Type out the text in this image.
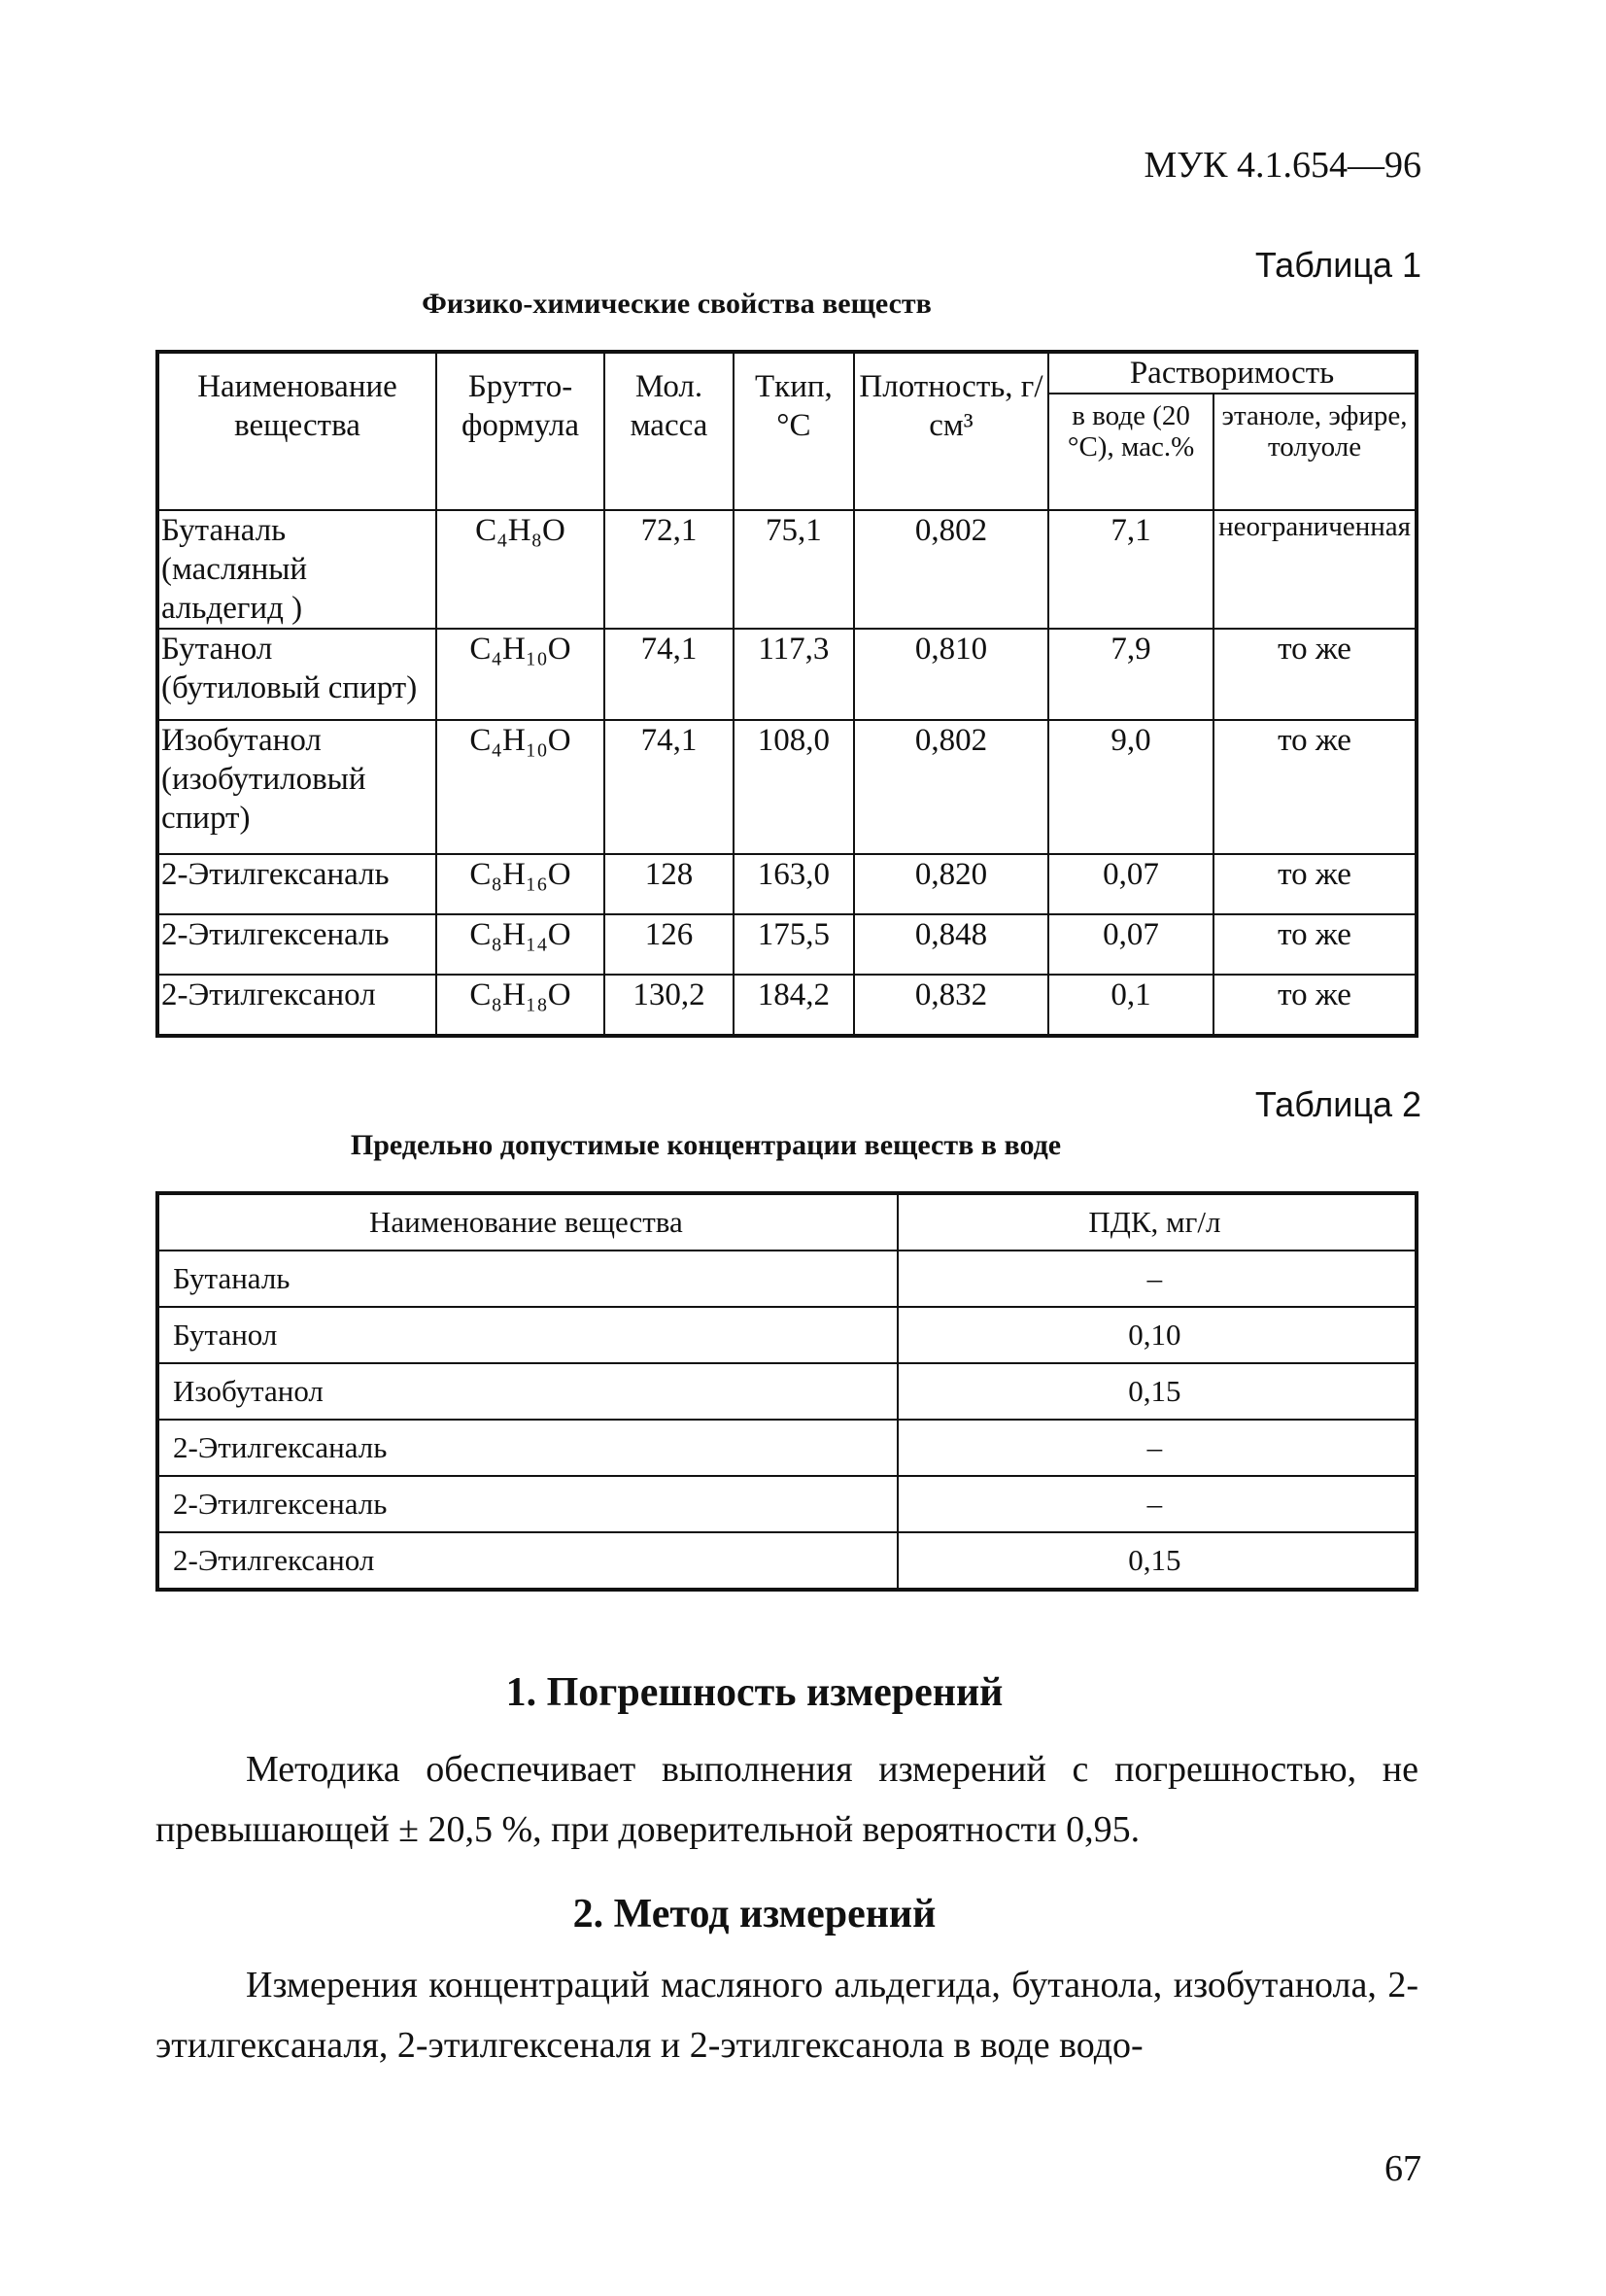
МУК 4.1.654—96
Таблица 1
Физико-химические свойства веществ
Наименование вещества	Брутто-формула	Мол. масса	Tкип, °С	Плотность, г/см³	Растворимость	
					в воде (20 °С), мас.%	этаноле, эфире, толуоле
Бутаналь (масляный альдегид )	C₄H₈O	72,1	75,1	0,802	7,1	неограниченная
Бутанол (бутиловый спирт)	C₄H₁₀O	74,1	117,3	0,810	7,9	то же
Изобутанол (изобутиловый спирт)	C₄H₁₀O	74,1	108,0	0,802	9,0	то же
2-Этилгексаналь	C₈H₁₆O	128	163,0	0,820	0,07	то же
2-Этилгексеналь	C₈H₁₄O	126	175,5	0,848	0,07	то же
2-Этилгексанол	C₈H₁₈O	130,2	184,2	0,832	0,1	то же
Таблица 2
Предельно допустимые концентрации веществ в воде
Наименование вещества	ПДК, мг/л
Бутаналь	–
Бутанол	0,10
Изобутанол	0,15
2-Этилгексаналь	–
2-Этилгексеналь	–
2-Этилгексанол	0,15
1. Погрешность измерений
Методика обеспечивает выполнения измерений с погрешностью, не превышающей ± 20,5 %, при доверительной вероятности 0,95.
2. Метод измерений
Измерения концентраций масляного альдегида, бутанола, изобутанола, 2-этилгексаналя, 2-этилгексеналя и 2-этилгексанола в воде водо-
67
